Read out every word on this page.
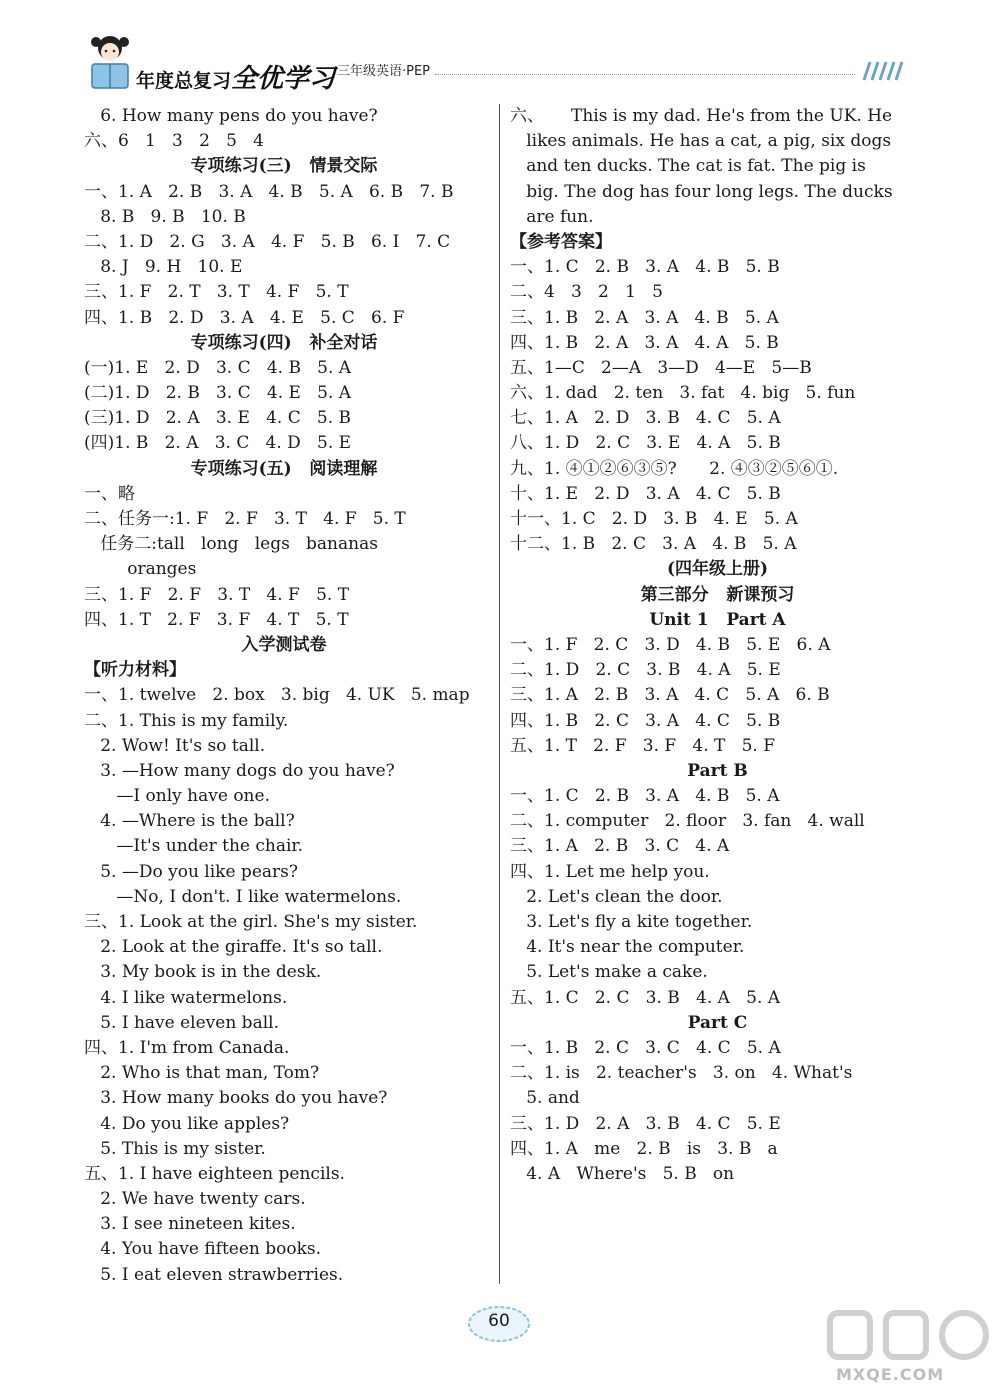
年度总复习全优学习 三年级英语·PEP
6. How many pens do you have?
六、6   1   3   2   5   4
专项练习(三)   情景交际
一、1. A   2. B   3. A   4. B   5. A   6. B   7. B
8. B   9. B   10. B
二、1. D   2. G   3. A   4. F   5. B   6. I   7. C
8. J   9. H   10. E
三、1. F   2. T   3. T   4. F   5. T
四、1. B   2. D   3. A   4. E   5. C   6. F
专项练习(四)   补全对话
(一)1. E   2. D   3. C   4. B   5. A
(二)1. D   2. B   3. C   4. E   5. A
(三)1. D   2. A   3. E   4. C   5. B
(四)1. B   2. A   3. C   4. D   5. E
专项练习(五)   阅读理解
一、略
二、任务一:1. F   2. F   3. T   4. F   5. T
任务二:tall   long   legs   bananas
oranges
三、1. F   2. F   3. T   4. F   5. T
四、1. T   2. F   3. F   4. T   5. T
入学测试卷
【听力材料】
一、1. twelve   2. box   3. big   4. UK   5. map
二、1. This is my family.
2. Wow! It's so tall.
3. —How many dogs do you have?
—I only have one.
4. —Where is the ball?
—It's under the chair.
5. —Do you like pears?
—No, I don't. I like watermelons.
三、1. Look at the girl. She's my sister.
2. Look at the giraffe. It's so tall.
3. My book is in the desk.
4. I like watermelons.
5. I have eleven ball.
四、1. I'm from Canada.
2. Who is that man, Tom?
3. How many books do you have?
4. Do you like apples?
5. This is my sister.
五、1. I have eighteen pencils.
2. We have twenty cars.
3. I see nineteen kites.
4. You have fifteen books.
5. I eat eleven strawberries.
六、     This is my dad. He's from the UK. He
likes animals. He has a cat, a pig, six dogs
and ten ducks. The cat is fat. The pig is
big. The dog has four long legs. The ducks
are fun.
【参考答案】
一、1. C   2. B   3. A   4. B   5. B
二、4   3   2   1   5
三、1. B   2. A   3. A   4. B   5. A
四、1. B   2. A   3. A   4. A   5. B
五、1—C   2—A   3—D   4—E   5—B
六、1. dad   2. ten   3. fat   4. big   5. fun
七、1. A   2. D   3. B   4. C   5. A
八、1. D   2. C   3. E   4. A   5. B
九、1. ④①②⑥③⑤?      2. ④③②⑤⑥①.
十、1. E   2. D   3. A   4. C   5. B
十一、1. C   2. D   3. B   4. E   5. A
十二、1. B   2. C   3. A   4. B   5. A
(四年级上册)
第三部分   新课预习
Unit 1   Part A
一、1. F   2. C   3. D   4. B   5. E   6. A
二、1. D   2. C   3. B   4. A   5. E
三、1. A   2. B   3. A   4. C   5. A   6. B
四、1. B   2. C   3. A   4. C   5. B
五、1. T   2. F   3. F   4. T   5. F
Part B
一、1. C   2. B   3. A   4. B   5. A
二、1. computer   2. floor   3. fan   4. wall
三、1. A   2. B   3. C   4. A
四、1. Let me help you.
2. Let's clean the door.
3. Let's fly a kite together.
4. It's near the computer.
5. Let's make a cake.
五、1. C   2. C   3. B   4. A   5. A
Part C
一、1. B   2. C   3. C   4. C   5. A
二、1. is   2. teacher's   3. on   4. What's
5. and
三、1. D   2. A   3. B   4. C   5. E
四、1. A   me   2. B   is   3. B   a
4. A   Where's   5. B   on
60
MXQE.COM
